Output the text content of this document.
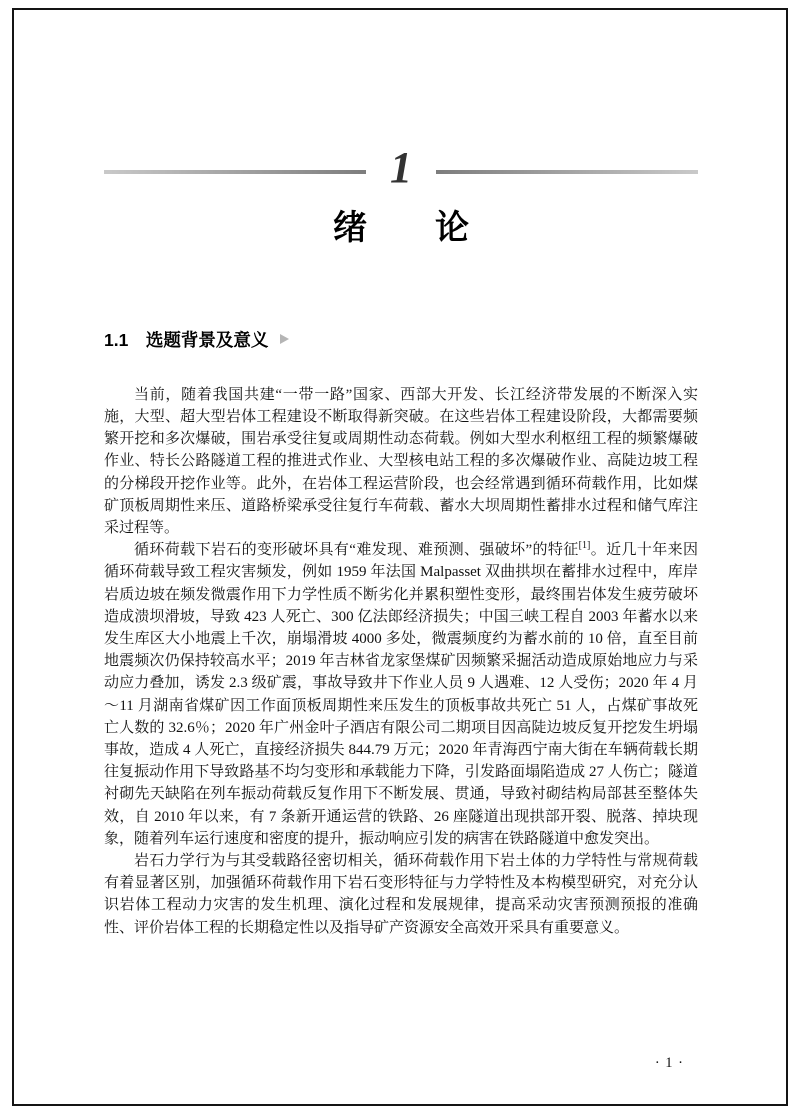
1
绪　　论
1.1　选题背景及意义

当前，随着我国共建“一带一路”国家、西部大开发、长江经济带发展的不断深入实施，大型、超大型岩体工程建设不断取得新突破。在这些岩体工程建设阶段，大都需要频繁开挖和多次爆破，围岩承受往复或周期性动态荷载。例如大型水利枢纽工程的频繁爆破作业、特长公路隧道工程的推进式作业、大型核电站工程的多次爆破作业、高陡边坡工程的分梯段开挖作业等。此外，在岩体工程运营阶段，也会经常遇到循环荷载作用，比如煤矿顶板周期性来压、道路桥梁承受往复行车荷载、蓄水大坝周期性蓄排水过程和储气库注采过程等。

循环荷载下岩石的变形破坏具有“难发现、难预测、强破坏”的特征[1]。近几十年来因循环荷载导致工程灾害频发，例如 1959 年法国 Malpasset 双曲拱坝在蓄排水过程中，库岸岩质边坡在频发微震作用下力学性质不断劣化并累积塑性变形，最终围岩体发生疲劳破坏造成溃坝滑坡，导致 423 人死亡、300 亿法郎经济损失；中国三峡工程自 2003 年蓄水以来发生库区大小地震上千次，崩塌滑坡 4000 多处，微震频度约为蓄水前的 10 倍，直至目前地震频次仍保持较高水平；2019 年吉林省龙家堡煤矿因频繁采掘活动造成原始地应力与采动应力叠加，诱发 2.3 级矿震，事故导致井下作业人员 9 人遇难、12 人受伤；2020 年 4 月～11 月湖南省煤矿因工作面顶板周期性来压发生的顶板事故共死亡 51 人，占煤矿事故死亡人数的 32.6％；2020 年广州金叶子酒店有限公司二期项目因高陡边坡反复开挖发生坍塌事故，造成 4 人死亡，直接经济损失 844.79 万元；2020 年青海西宁南大街在车辆荷载长期往复振动作用下导致路基不均匀变形和承载能力下降，引发路面塌陷造成 27 人伤亡；隧道衬砌先天缺陷在列车振动荷载反复作用下不断发展、贯通，导致衬砌结构局部甚至整体失效，自 2010 年以来，有 7 条新开通运营的铁路、26 座隧道出现拱部开裂、脱落、掉块现象，随着列车运行速度和密度的提升，振动响应引发的病害在铁路隧道中愈发突出。

岩石力学行为与其受载路径密切相关，循环荷载作用下岩土体的力学特性与常规荷载有着显著区别，加强循环荷载作用下岩石变形特征与力学特性及本构模型研究，对充分认识岩体工程动力灾害的发生机理、演化过程和发展规律，提高采动灾害预测预报的准确性、评价岩体工程的长期稳定性以及指导矿产资源安全高效开采具有重要意义。

· 1 ·
